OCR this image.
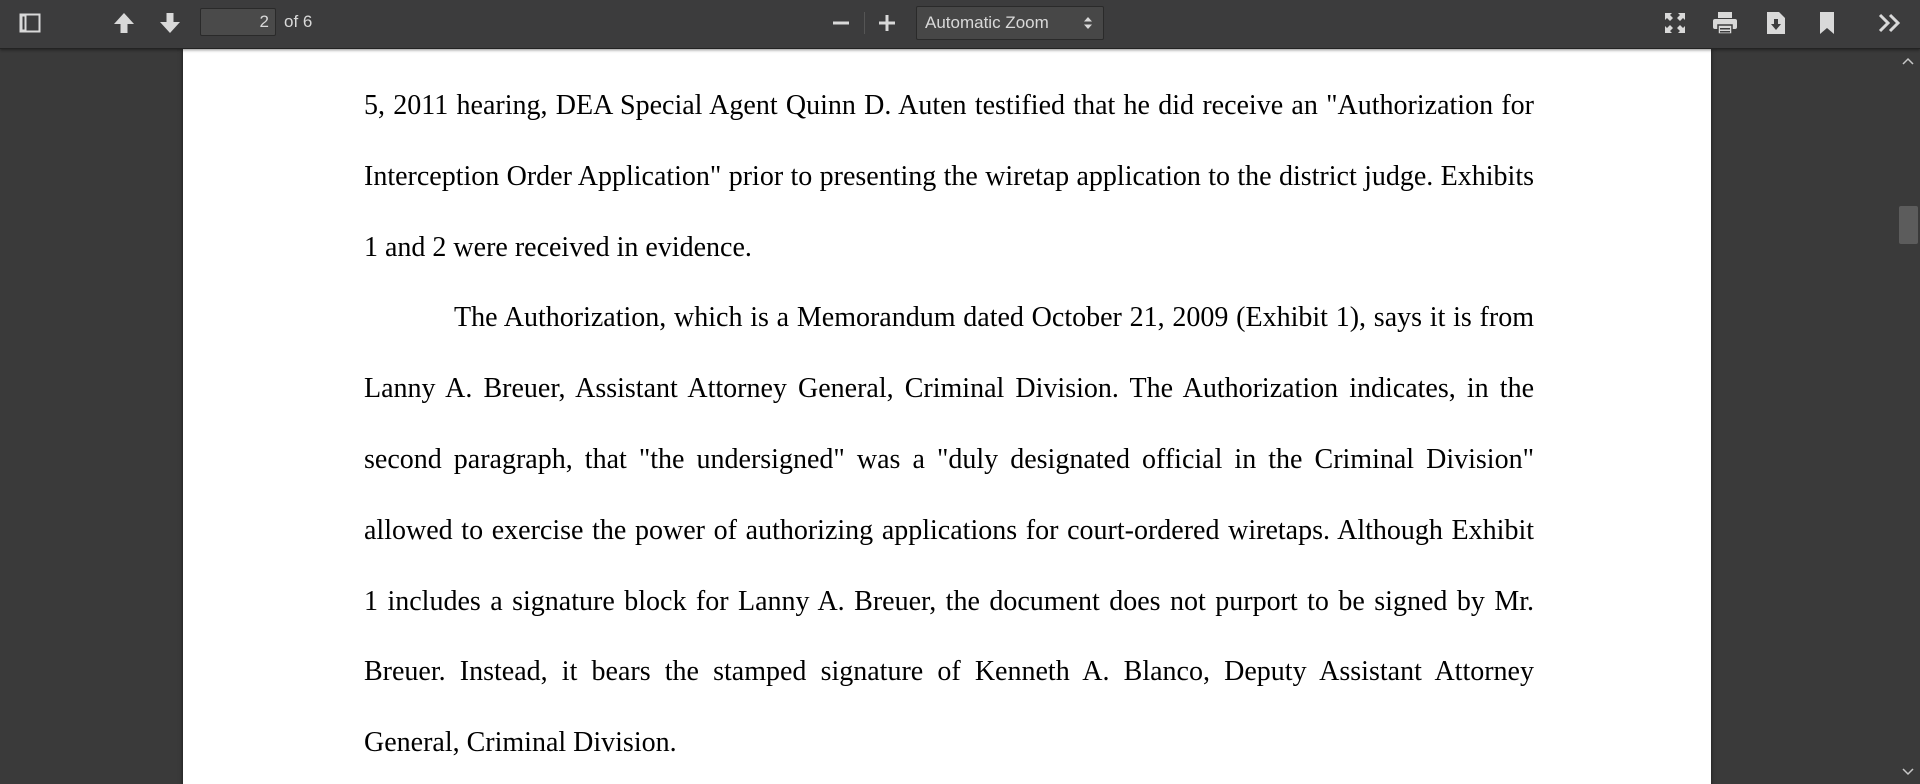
2
of 6	Automatic Zoom

5, 2011 hearing, DEA Special Agent Quinn D. Auten testified that he did receive an "Authorization for Interception Order Application" prior to presenting the wiretap application to the district judge. Exhibits 1 and 2 were received in evidence.

The Authorization, which is a Memorandum dated October 21, 2009 (Exhibit 1), says it is from Lanny A. Breuer, Assistant Attorney General, Criminal Division. The Authorization indicates, in the second paragraph, that "the undersigned" was a "duly designated official in the Criminal Division" allowed to exercise the power of authorizing applications for court-ordered wiretaps. Although Exhibit 1 includes a signature block for Lanny A. Breuer, the document does not purport to be signed by Mr. Breuer. Instead, it bears the stamped signature of Kenneth A. Blanco, Deputy Assistant Attorney General, Criminal Division.
